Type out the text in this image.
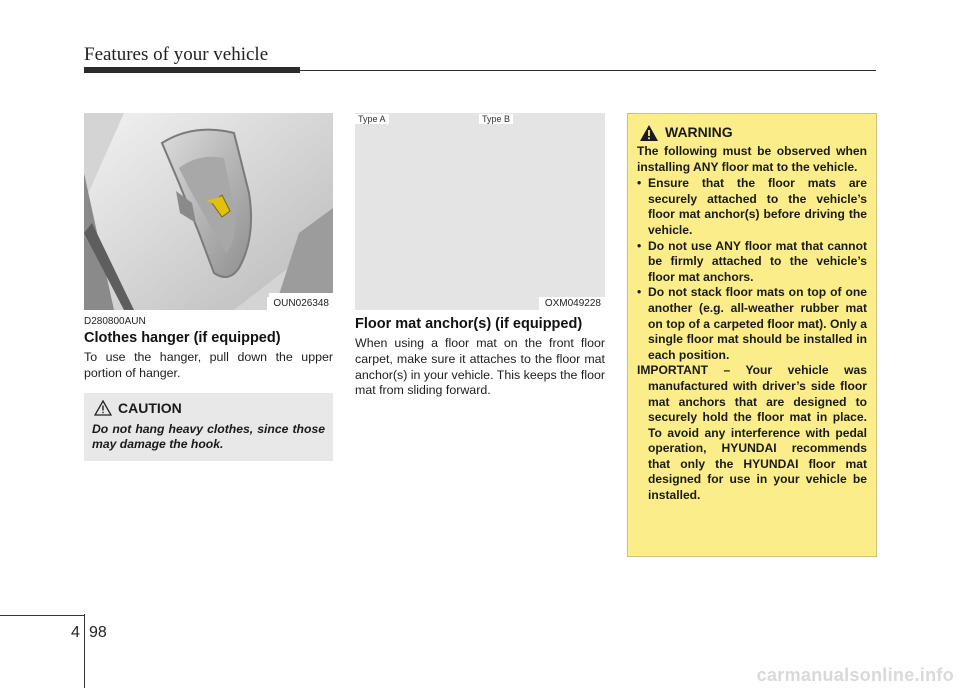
Features of your vehicle
OUN026348
Type A	Type B
OXM049228
D280800AUN
Clothes hanger (if equipped)
To use the hanger, pull down the upper portion of hanger.
CAUTION
Do not hang heavy clothes, since those may damage the hook.
Floor mat anchor(s) (if equipped)
When using a floor mat on the front floor carpet, make sure it attaches to the floor mat anchor(s) in your vehicle. This keeps the floor mat from sliding forward.
WARNING
The following must be observed when installing ANY floor mat to the vehicle.
• Ensure that the floor mats are securely attached to the vehicle’s floor mat anchor(s) before driving the vehicle.
• Do not use ANY floor mat that cannot be firmly attached to the vehicle’s floor mat anchors.
• Do not stack floor mats on top of one another (e.g. all-weather rubber mat on top of a carpeted floor mat). Only a single floor mat should be installed in each position.
IMPORTANT – Your vehicle was manufactured with driver’s side floor mat anchors that are designed to securely hold the floor mat in place. To avoid any interference with pedal operation, HYUNDAI recommends that only the HYUNDAI floor mat designed for use in your vehicle be installed.
4 98
carmanualsonline.info
